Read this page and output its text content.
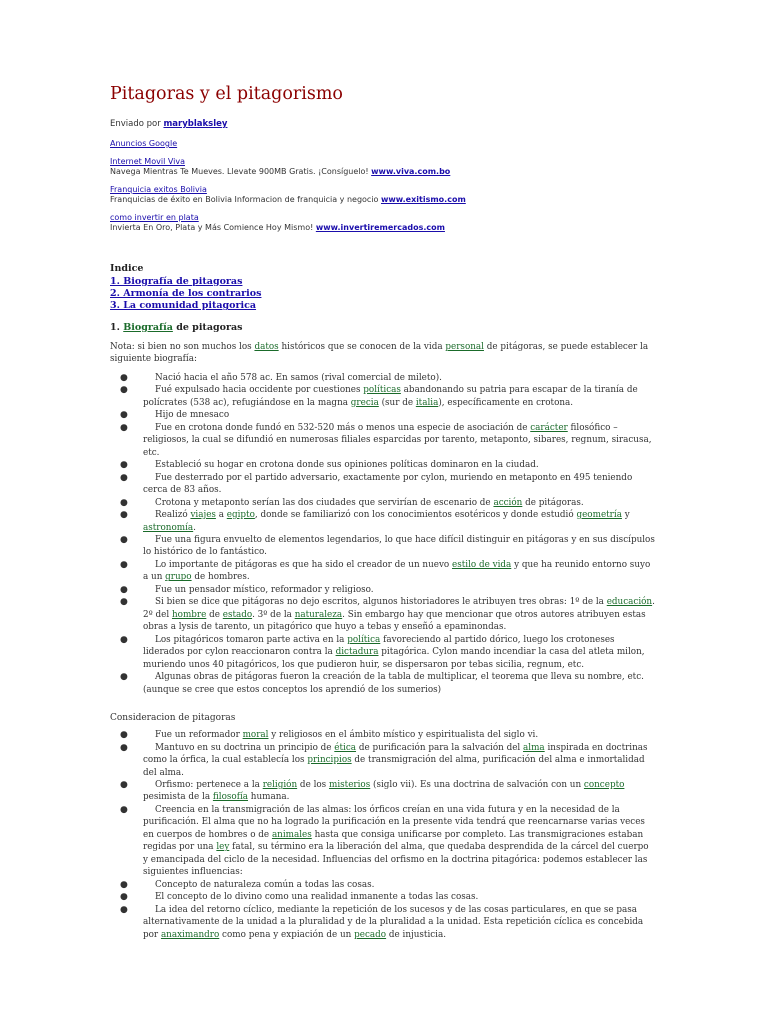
Pitagoras y el pitagorismo
Enviado por maryblaksley
Anuncios Google
Internet Movil Viva
Navega Mientras Te Mueves. Llevate 900MB Gratis. ¡Consíguelo! www.viva.com.bo
Franquicia exitos Bolivia
Franquicias de éxito en Bolivia Informacion de franquicia y negocio www.exitismo.com
como invertir en plata
Invierta En Oro, Plata y Más Comience Hoy Mismo! www.invertiremercados.com
Indice
1. Biografía de pitagoras
2. Armonía de los contrarios
3. La comunidad pitagorica
1. Biografía de pitagoras

Nota: si bien no son muchos los datos históricos que se conocen de la vida personal de pitágoras, se puede establecer la siguiente biografía:

●	Nació hacia el año 578 ac. En samos (rival comercial de mileto).
●	Fué expulsado hacia occidente por cuestiones políticas abandonando su patria para escapar de la tiranía de polícrates (538 ac), refugiándose en la magna grecia (sur de italia), específicamente en crotona.
●	Hijo de mnesaco
●	Fue en crotona donde fundó en 532-520 más o menos una especie de asociación de carácter filosófico – religiosos, la cual se difundió en numerosas filiales esparcidas por tarento, metaponto, sibares, regnum, siracusa, etc.
●	Estableció su hogar en crotona donde sus opiniones políticas dominaron en la ciudad.
●	Fue desterrado por el partido adversario, exactamente por cylon, muriendo en metaponto en 495 teniendo cerca de 83 años.
●	Crotona y metaponto serían las dos ciudades que servirían de escenario de acción de pitágoras.
●	Realizó viajes a egipto, donde se familiarizó con los conocimientos esotéricos y donde estudió geometría y astronomía.
●	Fue una figura envuelto de elementos legendarios, lo que hace difícil distinguir en pitágoras y en sus discípulos lo histórico de lo fantástico.
●	Lo importante de pitágoras es que ha sido el creador de un nuevo estilo de vida y que ha reunido entorno suyo a un grupo de hombres.
●	Fue un pensador místico, reformador y religioso.
●	Si bien se dice que pitágoras no dejo escritos, algunos historiadores le atribuyen tres obras: 1º de la educación. 2º del hombre de estado. 3º de la naturaleza. Sin embargo hay que mencionar que otros autores atribuyen estas obras a lysis de tarento, un pitagórico que huyo a tebas y enseñó a epaminondas.
●	Los pitagóricos tomaron parte activa en la política favoreciendo al partido dórico, luego los crotoneses liderados por cylon reaccionaron contra la dictadura pitagórica. Cylon mando incendiar la casa del atleta milon, muriendo unos 40 pitagóricos, los que pudieron huir, se dispersaron por tebas sicilia, regnum, etc.
●	Algunas obras de pitágoras fueron la creación de la tabla de multiplicar, el teorema que lleva su nombre, etc. (aunque se cree que estos conceptos los aprendió de los sumerios)
Consideracion de pitagoras
●	Fue un reformador moral y religiosos en el ámbito místico y espiritualista del siglo vi.
●	Mantuvo en su doctrina un principio de ética de purificación para la salvación del alma inspirada en doctrinas como la órfica, la cual establecía los principios de transmigración del alma, purificación del alma e inmortalidad del alma.
●	Orfismo: pertenece a la religión de los misterios (siglo vii). Es una doctrina de salvación con un concepto pesimista de la filosofía humana.
●	Creencia en la transmigración de las almas: los órficos creían en una vida futura y en la necesidad de la purificación. El alma que no ha logrado la purificación en la presente vida tendrá que reencarnarse varias veces en cuerpos de hombres o de animales hasta que consiga unificarse por completo. Las transmigraciones estaban regidas por una ley fatal, su término era la liberación del alma, que quedaba desprendida de la cárcel del cuerpo y emancipada del ciclo de la necesidad. Influencias del orfismo en la doctrina pitagórica: podemos establecer las siguientes influencias:
●	Concepto de naturaleza común a todas las cosas.
●	El concepto de lo divino como una realidad inmanente a todas las cosas.
●	La idea del retorno cíclico, mediante la repetición de los sucesos y de las cosas particulares, en que se pasa alternativamente de la unidad a la pluralidad y de la pluralidad a la unidad. Esta repetición cíclica es concebida por anaximandro como pena y expiación de un pecado de injusticia.
